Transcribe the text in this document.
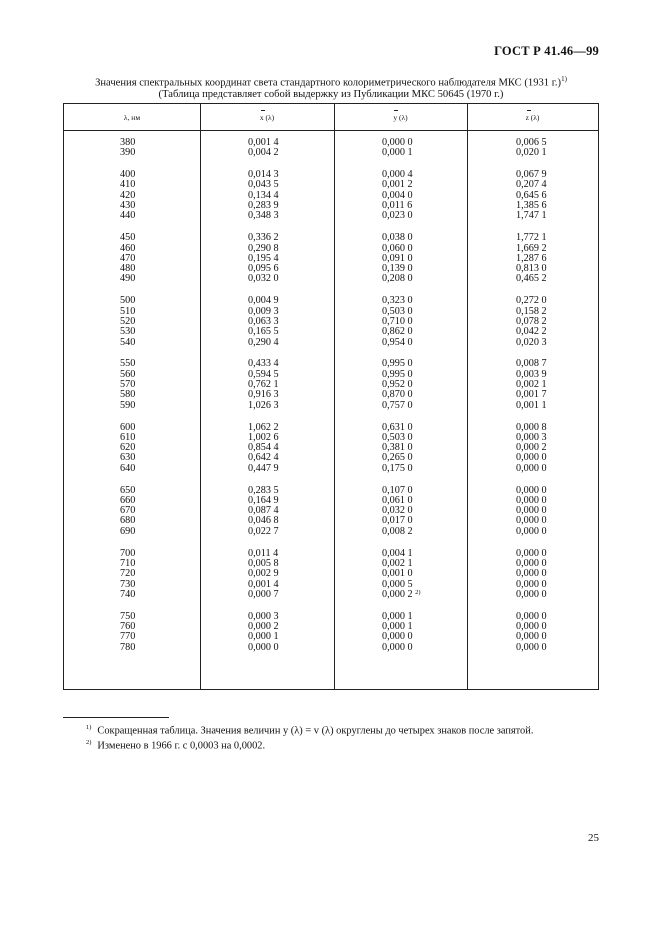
ГОСТ Р 41.46—99
Значения спектральных координат света стандартного колориметрического наблюдателя МКС (1931 г.)$^{1)}$
(Таблица представляет собой выдержку из Публикации МКС 50645 (1970 г.)
λ, нм	x (λ)	y (λ)	z (λ)
380	0,001 4	0,000 0	0,006 5
390	0,004 2	0,000 1	0,020 1
400	0,014 3	0,000 4	0,067 9
410	0,043 5	0,001 2	0,207 4
420	0,134 4	0,004 0	0,645 6
430	0,283 9	0,011 6	1,385 6
440	0,348 3	0,023 0	1,747 1
450	0,336 2	0,038 0	1,772 1
460	0,290 8	0,060 0	1,669 2
470	0,195 4	0,091 0	1,287 6
480	0,095 6	0,139 0	0,813 0
490	0,032 0	0,208 0	0,465 2
500	0,004 9	0,323 0	0,272 0
510	0,009 3	0,503 0	0,158 2
520	0,063 3	0,710 0	0,078 2
530	0,165 5	0,862 0	0,042 2
540	0,290 4	0,954 0	0,020 3
550	0,433 4	0,995 0	0,008 7
560	0,594 5	0,995 0	0,003 9
570	0,762 1	0,952 0	0,002 1
580	0,916 3	0,870 0	0,001 7
590	1,026 3	0,757 0	0,001 1
600	1,062 2	0,631 0	0,000 8
610	1,002 6	0,503 0	0,000 3
620	0,854 4	0,381 0	0,000 2
630	0,642 4	0,265 0	0,000 0
640	0,447 9	0,175 0	0,000 0
650	0,283 5	0,107 0	0,000 0
660	0,164 9	0,061 0	0,000 0
670	0,087 4	0,032 0	0,000 0
680	0,046 8	0,017 0	0,000 0
690	0,022 7	0,008 2	0,000 0
700	0,011 4	0,004 1	0,000 0
710	0,005 8	0,002 1	0,000 0
720	0,002 9	0,001 0	0,000 0
730	0,001 4	0,000 5	0,000 0
740	0,000 7	0,000 2 $^{2)}$	0,000 0
750	0,000 3	0,000 1	0,000 0
760	0,000 2	0,000 1	0,000 0
770	0,000 1	0,000 0	0,000 0
780	0,000 0	0,000 0	0,000 0
$^{1)}$ Сокращенная таблица. Значения величин y (λ) = v (λ) округлены до четырех знаков после запятой.
$^{2)}$ Изменено в 1966 г. с 0,0003 на 0,0002.
25
